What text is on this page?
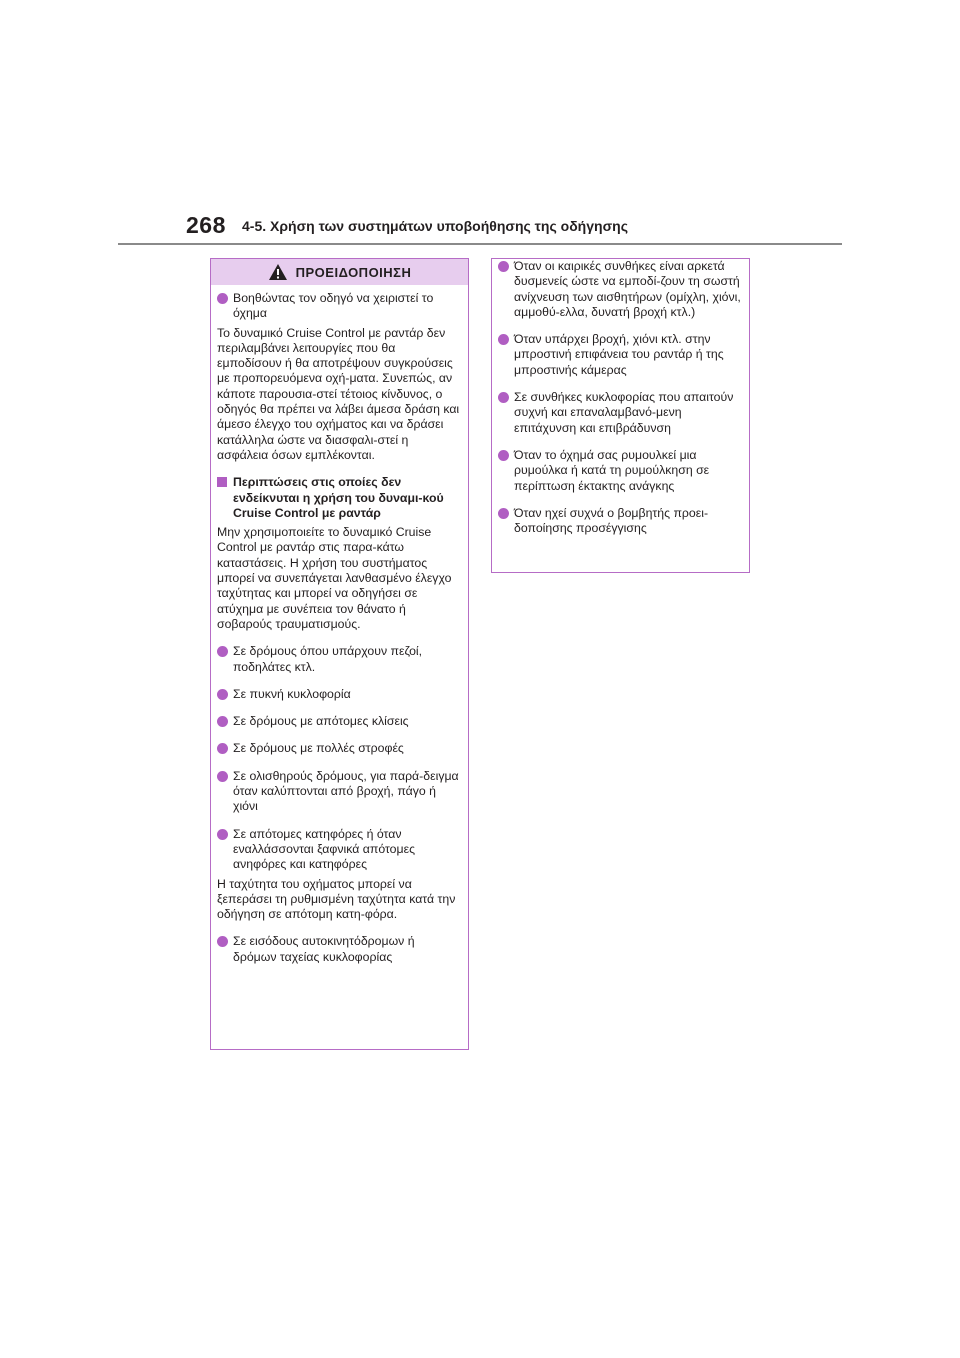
268 4-5. Χρήση των συστημάτων υποβοήθησης της οδήγησης
ΠΡΟΕΙΔΟΠΟΙΗΣΗ
Βοηθώντας τον οδηγό να χειριστεί το όχημα
Το δυναμικό Cruise Control με ραντάρ δεν περιλαμβάνει λειτουργίες που θα εμποδίσουν ή θα αποτρέψουν συγκρούσεις με προπορευόμενα οχή-ματα. Συνεπώς, αν κάποτε παρουσια-στεί τέτοιος κίνδυνος, ο οδηγός θα πρέπει να λάβει άμεσα δράση και άμεσο έλεγχο του οχήματος και να δράσει κατάλληλα ώστε να διασφαλι-στεί η ασφάλεια όσων εμπλέκονται.
Περιπτώσεις στις οποίες δεν ενδείκνυται η χρήση του δυναμι-κού Cruise Control με ραντάρ
Μην χρησιμοποιείτε το δυναμικό Cruise Control με ραντάρ στις παρα-κάτω καταστάσεις. Η χρήση του συστήματος μπορεί να συνεπάγεται λανθασμένο έλεγχο ταχύτητας και μπορεί να οδηγήσει σε ατύχημα με συνέπεια τον θάνατο ή σοβαρούς τραυματισμούς.
Σε δρόμους όπου υπάρχουν πεζοί, ποδηλάτες κτλ.
Σε πυκνή κυκλοφορία
Σε δρόμους με απότομες κλίσεις
Σε δρόμους με πολλές στροφές
Σε ολισθηρούς δρόμους, για παρά-δειγμα όταν καλύπτονται από βροχή, πάγο ή χιόνι
Σε απότομες κατηφόρες ή όταν εναλλάσσονται ξαφνικά απότομες ανηφόρες και κατηφόρες
Η ταχύτητα του οχήματος μπορεί να ξεπεράσει τη ρυθμισμένη ταχύτητα κατά την οδήγηση σε απότομη κατη-φόρα.
Σε εισόδους αυτοκινητόδρομων ή δρόμων ταχείας κυκλοφορίας
Όταν οι καιρικές συνθήκες είναι αρκετά δυσμενείς ώστε να εμποδί-ζουν τη σωστή ανίχνευση των αισθητήρων (ομίχλη, χιόνι, αμμοθύ-ελλα, δυνατή βροχή κτλ.)
Όταν υπάρχει βροχή, χιόνι κτλ. στην μπροστινή επιφάνεια του ραντάρ ή της μπροστινής κάμερας
Σε συνθήκες κυκλοφορίας που απαιτούν συχνή και επαναλαμβανό-μενη επιτάχυνση και επιβράδυνση
Όταν το όχημά σας ρυμουλκεί μια ρυμούλκα ή κατά τη ρυμούλκηση σε περίπτωση έκτακτης ανάγκης
Όταν ηχεί συχνά ο βομβητής προει-δοποίησης προσέγγισης
